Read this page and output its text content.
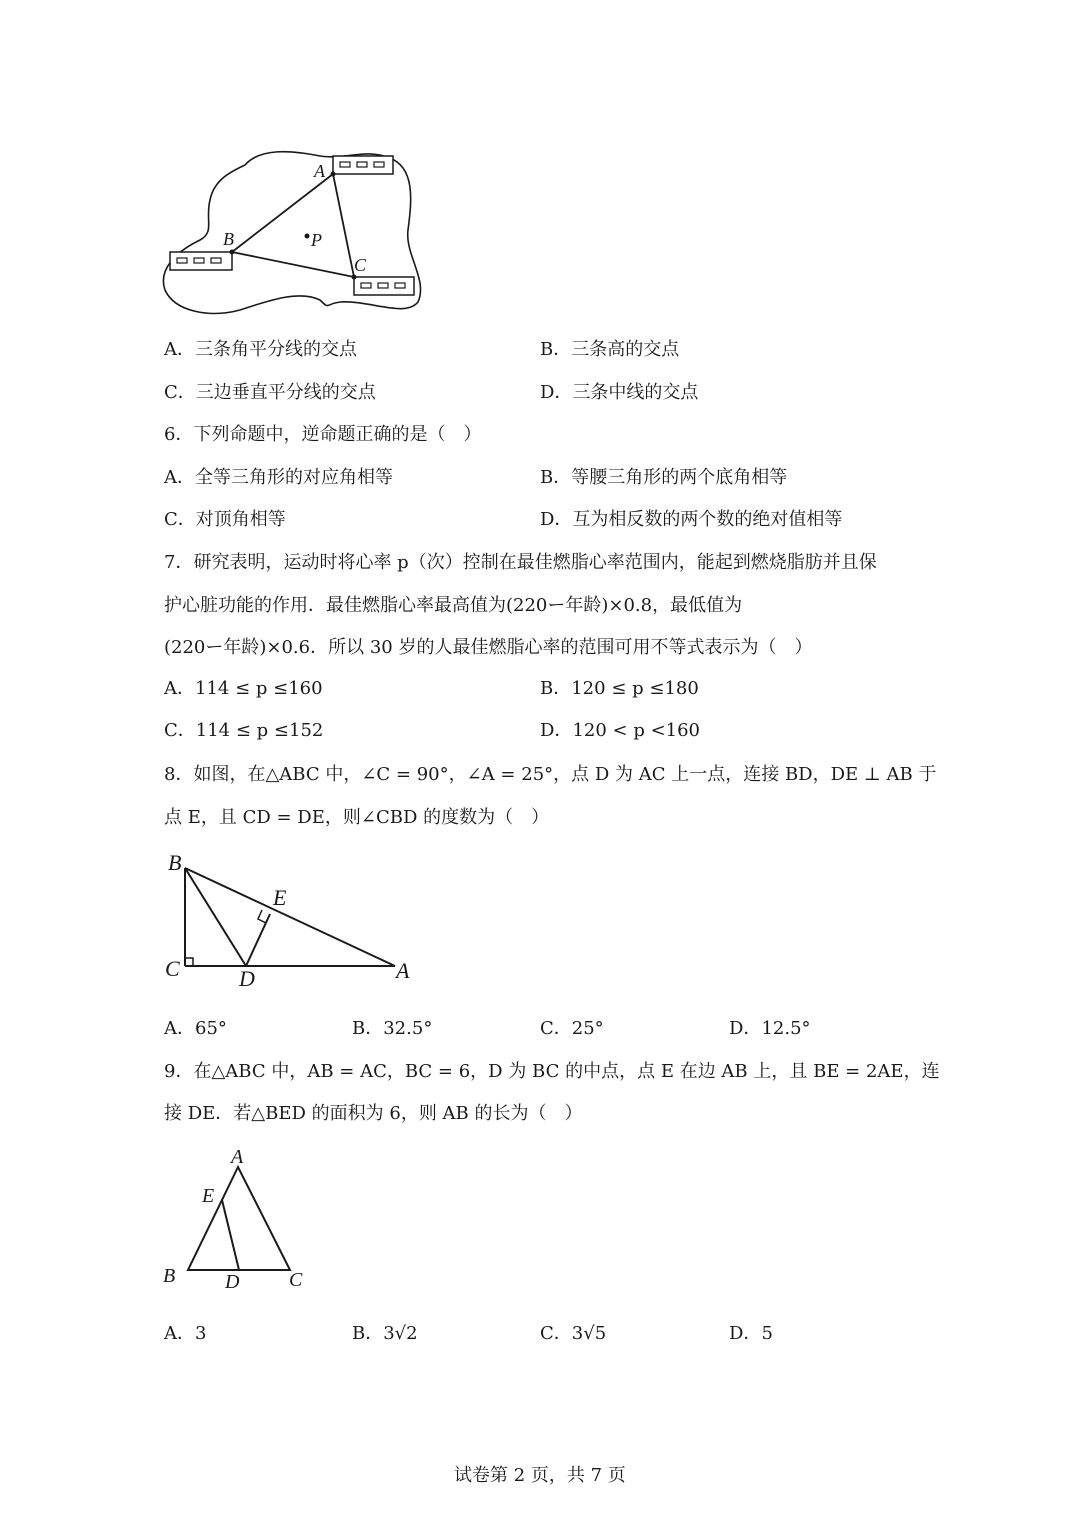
A
B
C
P
A．三条角平分线的交点	B．三条高的交点
C．三边垂直平分线的交点	D．三条中线的交点
6．下列命题中，逆命题正确的是（　）
A．全等三角形的对应角相等	B．等腰三角形的两个底角相等
C．对顶角相等	D．互为相反数的两个数的绝对值相等
7．研究表明，运动时将心率 p（次）控制在最佳燃脂心率范围内，能起到燃烧脂肪并且保
护心脏功能的作用．最佳燃脂心率最高值为(220ー年龄)×0.8，最低值为
(220ー年龄)×0.6．所以 30 岁的人最佳燃脂心率的范围可用不等式表示为（　）
A．114 ≤ p ≤160	B．120 ≤ p ≤180
C．114 ≤ p ≤152	D．120 < p <160
8．如图，在△ABC 中，∠C = 90°，∠A = 25°，点 D 为 AC 上一点，连接 BD，DE ⊥ AB 于
点 E，且 CD = DE，则∠CBD 的度数为（　）
B
E
C	D	A
A．65°	B．32.5°	C．25°	D．12.5°
9．在△ABC 中，AB = AC，BC = 6，D 为 BC 的中点，点 E 在边 AB 上，且 BE = 2AE，连
接 DE．若△BED 的面积为 6，则 AB 的长为（　）
A
E
B D C
A．3	B．3√2	C．3√5	D．5
试卷第 2 页，共 7 页
